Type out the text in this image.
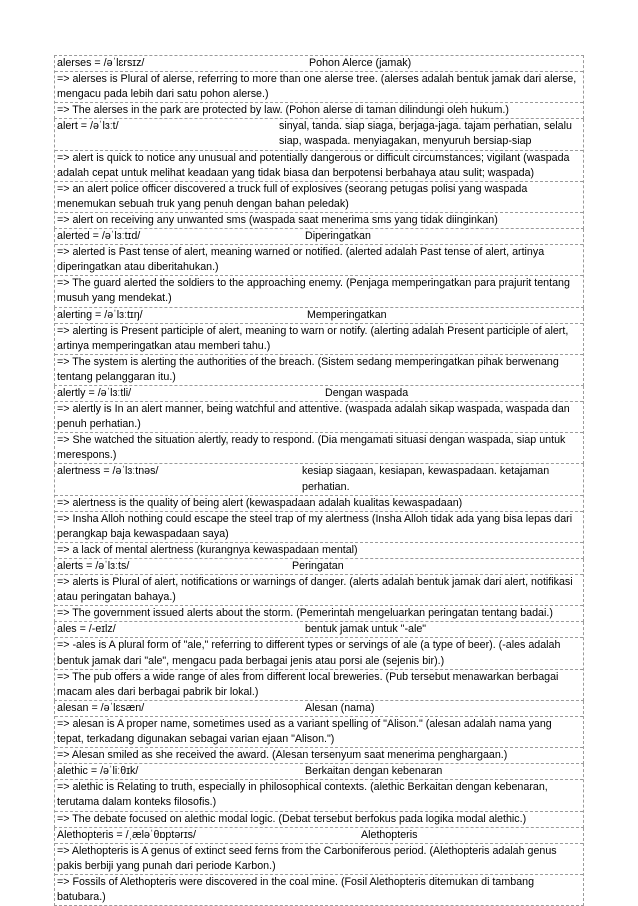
alerses = /əˈlɛrsɪz/	Pohon Alerce (jamak)
=> alerses is Plural of alerse, referring to more than one alerse tree. (alerses adalah bentuk jamak dari alerse, mengacu pada lebih dari satu pohon alerse.)
=> The alerses in the park are protected by law. (Pohon alerse di taman dilindungi oleh hukum.)
alert = /əˈlɜːt/	sinyal, tanda. siap siaga, berjaga-jaga. tajam perhatian, selalu siap, waspada. menyiagakan, menyuruh bersiap-siap
=> alert is quick to notice any unusual and potentially dangerous or difficult circumstances; vigilant (waspada adalah cepat untuk melihat keadaan yang tidak biasa dan berpotensi berbahaya atau sulit; waspada)
=> an alert police officer discovered a truck full of explosives (seorang petugas polisi yang waspada menemukan sebuah truk yang penuh dengan bahan peledak)
=> alert on receiving any unwanted sms (waspada saat menerima sms yang tidak diinginkan)
alerted = /əˈlɜːtɪd/	Diperingatkan
=> alerted is Past tense of alert, meaning warned or notified. (alerted adalah Past tense of alert, artinya diperingatkan atau diberitahukan.)
=> The guard alerted the soldiers to the approaching enemy. (Penjaga memperingatkan para prajurit tentang musuh yang mendekat.)
alerting = /əˈlɜːtɪŋ/	Memperingatkan
=> alerting is Present participle of alert, meaning to warn or notify. (alerting adalah Present participle of alert, artinya memperingatkan atau memberi tahu.)
=> The system is alerting the authorities of the breach. (Sistem sedang memperingatkan pihak berwenang tentang pelanggaran itu.)
alertly = /əˈlɜːtli/	Dengan waspada
=> alertly is In an alert manner, being watchful and attentive. (waspada adalah sikap waspada, waspada dan penuh perhatian.)
=> She watched the situation alertly, ready to respond. (Dia mengamati situasi dengan waspada, siap untuk merespons.)
alertness = /əˈlɜːtnəs/	kesiap siagaan, kesiapan, kewaspadaan. ketajaman perhatian.
=> alertness is the quality of being alert (kewaspadaan adalah kualitas kewaspadaan)
=> Insha Alloh nothing could escape the steel trap of my alertness (Insha Alloh tidak ada yang bisa lepas dari perangkap baja kewaspadaan saya)
=> a lack of mental alertness (kurangnya kewaspadaan mental)
alerts = /əˈlɜːts/	Peringatan
=> alerts is Plural of alert, notifications or warnings of danger. (alerts adalah bentuk jamak dari alert, notifikasi atau peringatan bahaya.)
=> The government issued alerts about the storm. (Pemerintah mengeluarkan peringatan tentang badai.)
ales = /-eɪlz/	bentuk jamak untuk "-ale"
=> -ales is A plural form of "ale," referring to different types or servings of ale (a type of beer). (-ales adalah bentuk jamak dari "ale", mengacu pada berbagai jenis atau porsi ale (sejenis bir).)
=> The pub offers a wide range of ales from different local breweries. (Pub tersebut menawarkan berbagai macam ales dari berbagai pabrik bir lokal.)
alesan = /əˈlɛsæn/	Alesan (nama)
=> alesan is A proper name, sometimes used as a variant spelling of "Alison." (alesan adalah nama yang tepat, terkadang digunakan sebagai varian ejaan "Alison.")
=> Alesan smiled as she received the award. (Alesan tersenyum saat menerima penghargaan.)
alethic = /əˈliːθɪk/	Berkaitan dengan kebenaran
=> alethic is Relating to truth, especially in philosophical contexts. (alethic Berkaitan dengan kebenaran, terutama dalam konteks filosofis.)
=> The debate focused on alethic modal logic. (Debat tersebut berfokus pada logika modal alethic.)
Alethopteris = /ˌæləˈθɒptərɪs/	Alethopteris
=> Alethopteris is A genus of extinct seed ferns from the Carboniferous period. (Alethopteris adalah genus pakis berbiji yang punah dari periode Karbon.)
=> Fossils of Alethopteris were discovered in the coal mine. (Fosil Alethopteris ditemukan di tambang batubara.)
